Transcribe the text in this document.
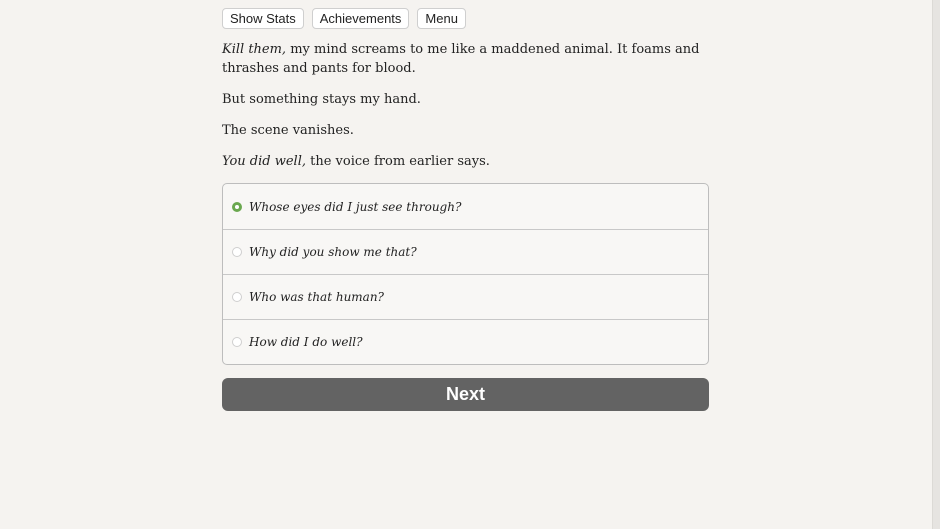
Show Stats	Achievements	Menu

Kill them, my mind screams to me like a maddened animal. It foams and thrashes and pants for blood.

But something stays my hand.

The scene vanishes.

You did well, the voice from earlier says.

Whose eyes did I just see through?
Why did you show me that?
Who was that human?
How did I do well?
Next
